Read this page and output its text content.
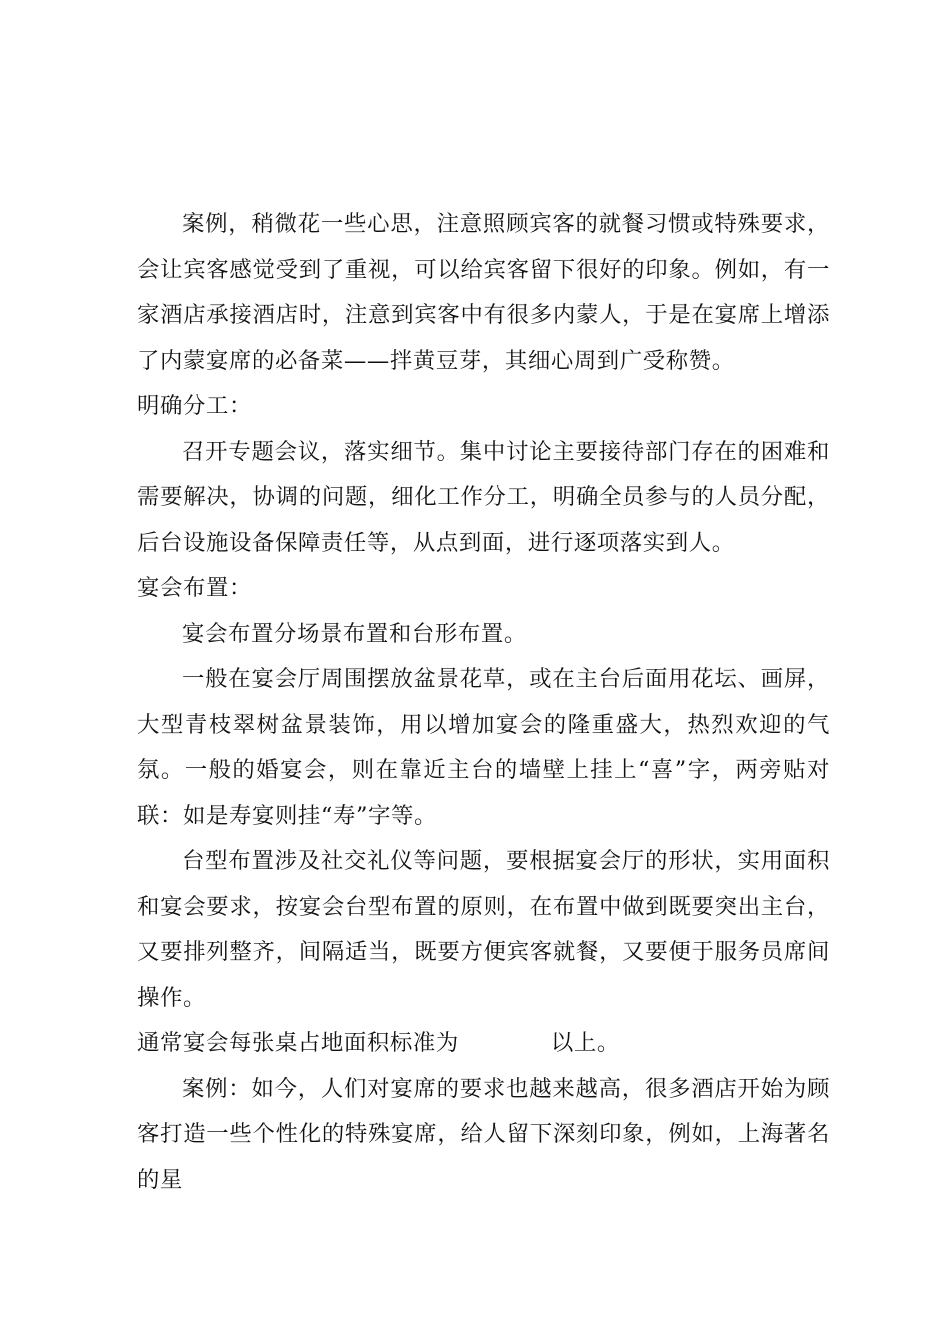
案例，稍微花一些心思，注意照顾宾客的就餐习惯或特殊要求，会让宾客感觉受到了重视，可以给宾客留下很好的印象。例如，有一家酒店承接酒店时，注意到宾客中有很多内蒙人，于是在宴席上增添了内蒙宴席的必备菜——拌黄豆芽，其细心周到广受称赞。

明确分工：

召开专题会议，落实细节。集中讨论主要接待部门存在的困难和需要解决，协调的问题，细化工作分工，明确全员参与的人员分配，后台设施设备保障责任等，从点到面，进行逐项落实到人。

宴会布置：

宴会布置分场景布置和台形布置。

一般在宴会厅周围摆放盆景花草，或在主台后面用花坛、画屏，大型青枝翠树盆景装饰，用以增加宴会的隆重盛大，热烈欢迎的气氛。一般的婚宴会，则在靠近主台的墙壁上挂上“喜”字，两旁贴对联：如是寿宴则挂“寿”字等。

台型布置涉及社交礼仪等问题，要根据宴会厅的形状，实用面积和宴会要求，按宴会台型布置的原则，在布置中做到既要突出主台，又要排列整齐，间隔适当，既要方便宾客就餐，又要便于服务员席间操作。

通常宴会每张桌占地面积标准为	以上。

案例：如今，人们对宴席的要求也越来越高，很多酒店开始为顾客打造一些个性化的特殊宴席，给人留下深刻印象，例如，上海著名的星
